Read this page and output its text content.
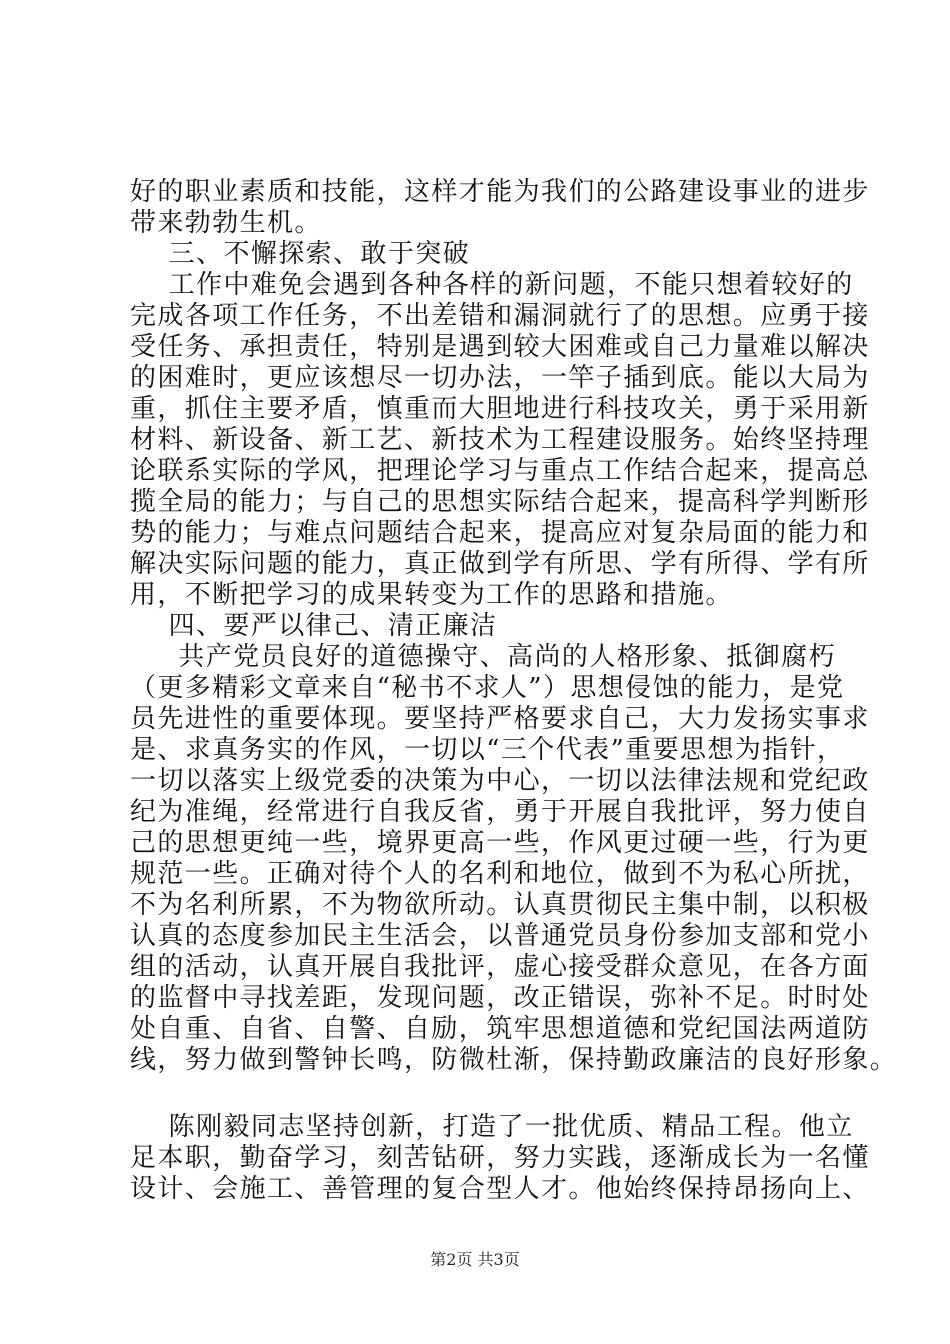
好的职业素质和技能，这样才能为我们的公路建设事业的进步
带来勃勃生机。
三、不懈探索、敢于突破
工作中难免会遇到各种各样的新问题，不能只想着较好的
完成各项工作任务，不出差错和漏洞就行了的思想。应勇于接
受任务、承担责任，特别是遇到较大困难或自己力量难以解决
的困难时，更应该想尽一切办法，一竿子插到底。能以大局为
重，抓住主要矛盾，慎重而大胆地进行科技攻关，勇于采用新
材料、新设备、新工艺、新技术为工程建设服务。始终坚持理
论联系实际的学风，把理论学习与重点工作结合起来，提高总
揽全局的能力；与自己的思想实际结合起来，提高科学判断形
势的能力；与难点问题结合起来，提高应对复杂局面的能力和
解决实际问题的能力，真正做到学有所思、学有所得、学有所
用，不断把学习的成果转变为工作的思路和措施。
四、要严以律己、清正廉洁
共产党员良好的道德操守、高尚的人格形象、抵御腐朽
（更多精彩文章来自“秘书不求人”）思想侵蚀的能力，是党
员先进性的重要体现。要坚持严格要求自己，大力发扬实事求
是、求真务实的作风，一切以“三个代表”重要思想为指针，
一切以落实上级党委的决策为中心，一切以法律法规和党纪政
纪为准绳，经常进行自我反省，勇于开展自我批评，努力使自
己的思想更纯一些，境界更高一些，作风更过硬一些，行为更
规范一些。正确对待个人的名利和地位，做到不为私心所扰，
不为名利所累，不为物欲所动。认真贯彻民主集中制，以积极
认真的态度参加民主生活会，以普通党员身份参加支部和党小
组的活动，认真开展自我批评，虚心接受群众意见，在各方面
的监督中寻找差距，发现问题，改正错误，弥补不足。时时处
处自重、自省、自警、自励，筑牢思想道德和党纪国法两道防
线，努力做到警钟长鸣，防微杜渐，保持勤政廉洁的良好形象。
陈刚毅同志坚持创新，打造了一批优质、精品工程。他立
足本职，勤奋学习，刻苦钻研，努力实践，逐渐成长为一名懂
设计、会施工、善管理的复合型人才。他始终保持昂扬向上、
第2页 共3页
